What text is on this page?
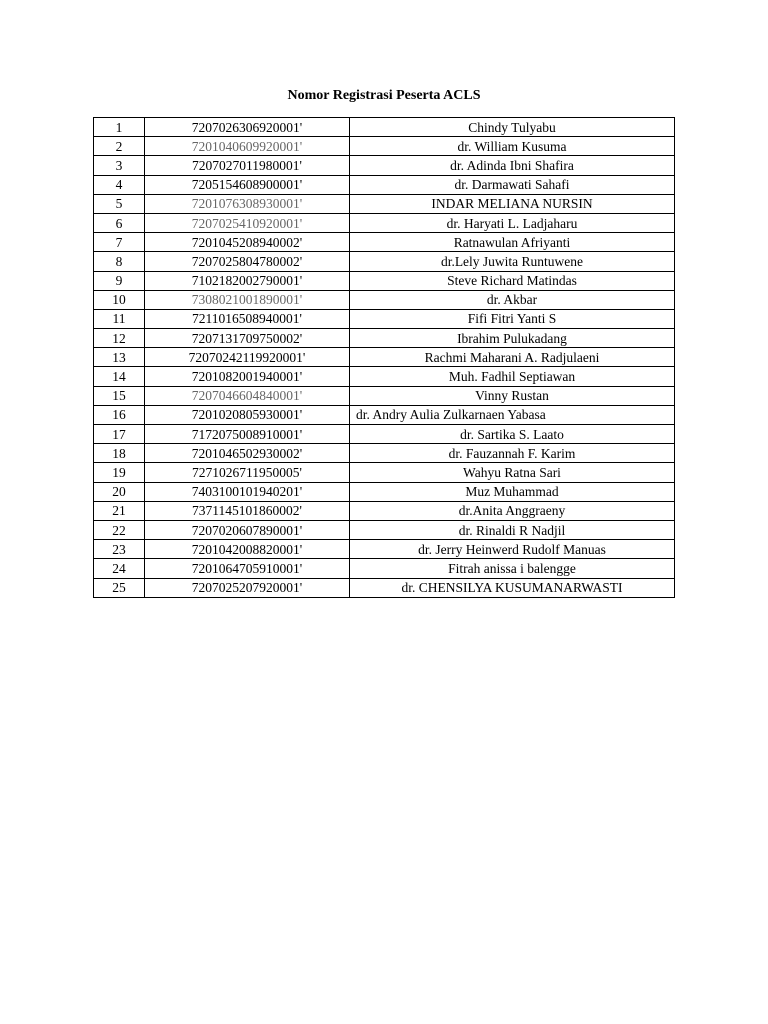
Nomor Registrasi Peserta ACLS
1	7207026306920001'	Chindy Tulyabu
2	7201040609920001'	dr. William Kusuma
3	7207027011980001'	dr. Adinda Ibni Shafira
4	7205154608900001'	dr. Darmawati Sahafi
5	7201076308930001'	INDAR MELIANA NURSIN
6	7207025410920001'	dr. Haryati L. Ladjaharu
7	7201045208940002'	Ratnawulan Afriyanti
8	7207025804780002'	dr.Lely Juwita Runtuwene
9	7102182002790001'	Steve Richard Matindas
10	7308021001890001'	dr. Akbar
11	7211016508940001'	Fifi Fitri Yanti S
12	7207131709750002'	Ibrahim Pulukadang
13	72070242119920001'	Rachmi Maharani A. Radjulaeni
14	7201082001940001'	Muh. Fadhil Septiawan
15	7207046604840001'	Vinny Rustan
16	7201020805930001'	dr. Andry Aulia Zulkarnaen Yabasa
17	7172075008910001'	dr. Sartika S. Laato
18	7201046502930002'	dr. Fauzannah F. Karim
19	7271026711950005'	Wahyu Ratna Sari
20	7403100101940201'	Muz Muhammad
21	7371145101860002'	dr.Anita Anggraeny
22	7207020607890001'	dr. Rinaldi R Nadjil
23	7201042008820001'	dr. Jerry Heinwerd Rudolf Manuas
24	7201064705910001'	Fitrah anissa i balengge
25	7207025207920001'	dr. CHENSILYA KUSUMANARWASTI
